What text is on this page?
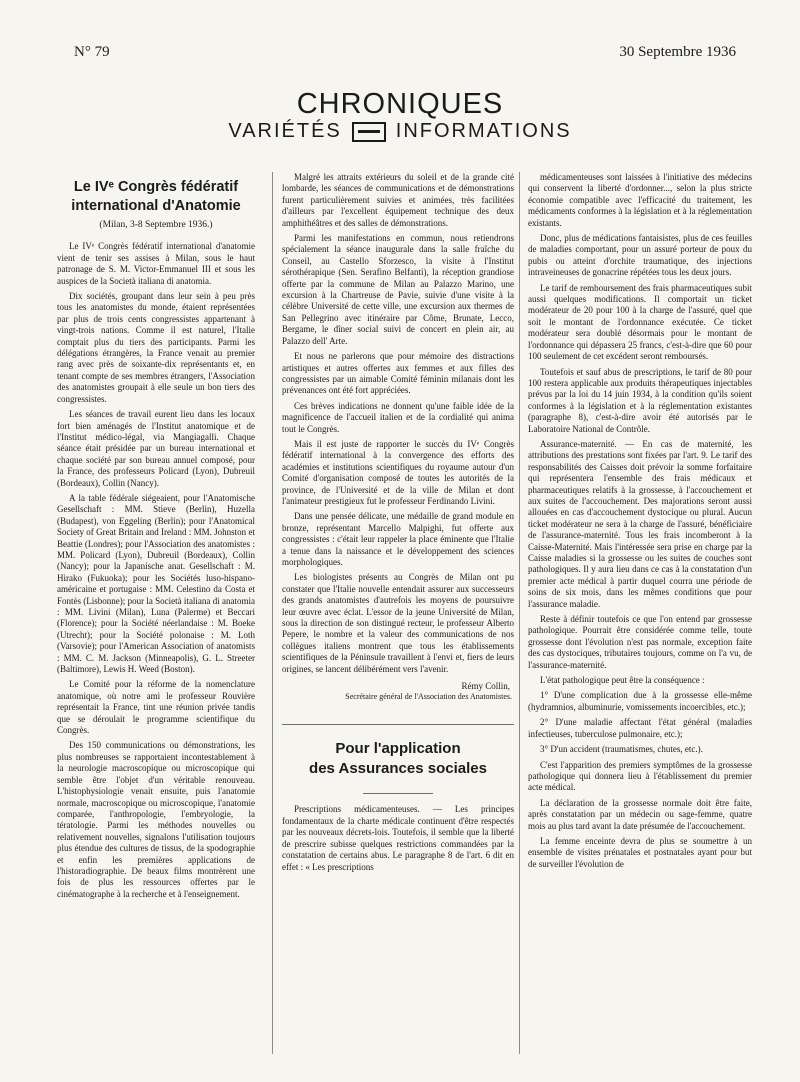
N° 79	30 Septembre 1936
CHRONIQUES
VARIÉTÉS	INFORMATIONS
Le IVᵉ Congrès fédératif
international d'Anatomie
(Milan, 3-8 Septembre 1936.)

Le IVᵉ Congrès fédératif international d'anatomie vient de tenir ses assises à Milan, sous le haut patronage de S. M. Victor-Emmanuel III et sous les auspices de la Società italiana di anatomia.

Dix sociétés, groupant dans leur sein à peu près tous les anatomistes du monde, étaient représentées par plus de trois cents congressistes appartenant à vingt-trois nations. Comme il est naturel, l'Italie comptait plus du tiers des participants. Parmi les délégations étrangères, la France venait au premier rang avec près de soixante-dix représentants et, en tenant compte de ses membres étrangers, l'Association des anatomistes groupait à elle seule un bon tiers des congressistes.

Les séances de travail eurent lieu dans les locaux fort bien aménagés de l'Institut anatomique et de l'Institut médico-légal, via Mangiagalli. Chaque séance était présidée par un bureau international et chaque société par son bureau annuel composé, pour la France, des professeurs Policard (Lyon), Dubreuil (Bordeaux), Collin (Nancy).

A la table fédérale siégeaient, pour l'Anatomische Gesellschaft : MM. Stieve (Berlin), Huzella (Budapest), von Eggeling (Berlin); pour l'Anatomical Society of Great Britain and Ireland : MM. Johnston et Beattie (Londres); pour l'Association des anatomistes : MM. Policard (Lyon), Dubreuil (Bordeaux), Collin (Nancy); pour la Japanische anat. Gesellschaft : M. Hirako (Fukuoka); pour les Sociétés luso-hispano-américaine et portugaise : MM. Celestino da Costa et Fontès (Lisbonne); pour la Società italiana di anatomia : MM. Livini (Milan), Luna (Palerme) et Beccari (Florence); pour la Société néerlandaise : M. Boeke (Utrecht); pour la Société polonaise : M. Loth (Varsovie); pour l'American Association of anatomists : MM. C. M. Jackson (Minneapolis), G. L. Streeter (Baltimore), Lewis H. Weed (Boston).

Le Comité pour la réforme de la nomenclature anatomique, où notre ami le professeur Rouvière représentait la France, tint une réunion privée tandis que se déroulait le programme scientifique du Congrès.

Des 150 communications ou démonstrations, les plus nombreuses se rapportaient incontestablement à la neurologie macroscopique ou microscopique qui semble être l'objet d'un véritable renouveau. L'histophysiologie venait ensuite, puis l'anatomie normale, macroscopique ou microscopique, l'anatomie comparée, l'anthropologie, l'embryologie, la tératologie. Parmi les méthodes nouvelles ou relativement nouvelles, signalons l'utilisation toujours plus étendue des cultures de tissus, de la spodographie et enfin les premières applications de l'historadiographie. De beaux films montrèrent une fois de plus les ressources offertes par le cinématographe à la recherche et à l'enseignement.

Malgré les attraits extérieurs du soleil et de la grande cité lombarde, les séances de communications et de démonstrations furent particulièrement suivies et animées, très facilitées d'ailleurs par l'excellent équipement technique des deux amphithéâtres et des salles de démonstrations.

Parmi les manifestations en commun, nous retiendrons spécialement la séance inaugurale dans la salle fraîche du Conseil, au Castello Sforzesco, la visite à l'Institut sérothérapique (Sen. Serafino Belfanti), la réception grandiose offerte par la commune de Milan au Palazzo Marino, une excursion à la Chartreuse de Pavie, suivie d'une visite à la célèbre Université de cette ville, une excursion aux thermes de San Pellegrino avec itinéraire par Côme, Brunate, Lecco, Bergame, le dîner social suivi de concert en plein air, au Palazzo dell' Arte.

Et nous ne parlerons que pour mémoire des distractions artistiques et autres offertes aux femmes et aux filles des congressistes par un aimable Comité féminin milanais dont les prévenances ont été fort appréciées.

Ces brèves indications ne donnent qu'une faible idée de la magnificence de l'accueil italien et de la cordialité qui anima tout le Congrès.

Mais il est juste de rapporter le succès du IVᵉ Congrès fédératif international à la convergence des efforts des académies et institutions scientifiques du royaume autour d'un Comité d'organisation composé de toutes les autorités de la province, de l'Université et de la ville de Milan et dont l'animateur prestigieux fut le professeur Ferdinando Livini.

Dans une pensée délicate, une médaille de grand module en bronze, représentant Marcello Malpighi, fut offerte aux congressistes : c'était leur rappeler la place éminente que l'Italie a tenue dans la naissance et le développement des sciences morphologiques.

Les biologistes présents au Congrès de Milan ont pu constater que l'Italie nouvelle entendait assurer aux successeurs des grands anatomistes d'autrefois les moyens de poursuivre leur œuvre avec éclat. L'essor de la jeune Université de Milan, sous la direction de son distingué recteur, le professeur Alberto Pepere, le nombre et la valeur des communications de nos collègues italiens montrent que tous les établissements scientifiques de la Péninsule travaillent à l'envi et, fiers de leurs origines, se lancent délibérément vers l'avenir.

Rémy Collin,

Secrétaire général de l'Association des Anatomistes.

Pour l'application
des Assurances sociales

Prescriptions médicamenteuses. — Les principes fondamentaux de la charte médicale continuent d'être respectés par les nouveaux décrets-lois. Toutefois, il semble que la liberté de prescrire subisse quelques restrictions commandées par la constatation de certains abus. Le paragraphe 8 de l'art. 6 dit en effet : « Les prescriptions

médicamenteuses sont laissées à l'initiative des médecins qui conservent la liberté d'ordonner..., selon la plus stricte économie compatible avec l'efficacité du traitement, les médicaments conformes à la législation et à la réglementation existants.

Donc, plus de médications fantaisistes, plus de ces feuilles de maladies comportant, pour un assuré porteur de poux du pubis ou atteint d'orchite traumatique, des injections intraveineuses de gonacrine répétées tous les deux jours.

Le tarif de remboursement des frais pharmaceutiques subit aussi quelques modifications. Il comportait un ticket modérateur de 20 pour 100 à la charge de l'assuré, quel que soit le montant de l'ordonnance exécutée. Ce ticket modérateur sera doublé désormais pour le montant de l'ordonnance qui dépassera 25 francs, c'est-à-dire que 60 pour 100 seulement de cet excédent seront remboursés.

Toutefois et sauf abus de prescriptions, le tarif de 80 pour 100 restera applicable aux produits thérapeutiques injectables prévus par la loi du 14 juin 1934, à la condition qu'ils soient conformes à la législation et à la réglementation existantes (paragraphe 8), c'est-à-dire avoir été autorisés par le Laboratoire National de Contrôle.

Assurance-maternité. — En cas de maternité, les attributions des prestations sont fixées par l'art. 9. Le tarif des responsabilités des Caisses doit prévoir la somme forfaitaire qui représentera l'ensemble des frais médicaux et pharmaceutiques relatifs à la grossesse, à l'accouchement et aux suites de l'accouchement. Des majorations seront aussi allouées en cas d'accouchement dystocique ou plural. Aucun ticket modérateur ne sera à la charge de l'assuré, bénéficiaire de l'assurance-maternité. Tous les frais incomberont à la Caisse-Maternité. Mais l'intéressée sera prise en charge par la Caisse maladies si la grossesse ou les suites de couches sont pathologiques. Il y aura lieu dans ce cas à la constatation d'un premier acte médical à partir duquel courra une période de soins de six mois, dans les mêmes conditions que pour l'assurance maladie.

Reste à définir toutefois ce que l'on entend par grossesse pathologique. Pourrait être considérée comme telle, toute grossesse dont l'évolution n'est pas normale, exception faite des cas dystociques, tributaires toujours, comme on l'a vu, de l'assurance-maternité.

L'état pathologique peut être la conséquence :

1° D'une complication due à la grossesse elle-même (hydramnios, albuminurie, vomissements incoercibles, etc.);

2° D'une maladie affectant l'état général (maladies infectieuses, tuberculose pulmonaire, etc.);

3° D'un accident (traumatismes, chutes, etc.).

C'est l'apparition des premiers symptômes de la grossesse pathologique qui donnera lieu à l'établissement du premier acte médical.

La déclaration de la grossesse normale doit être faite, après constatation par un médecin ou sage-femme, quatre mois au plus tard avant la date présumée de l'accouchement.

La femme enceinte devra de plus se soumettre à un ensemble de visites prénatales et postnatales ayant pour but de surveiller l'évolution de
